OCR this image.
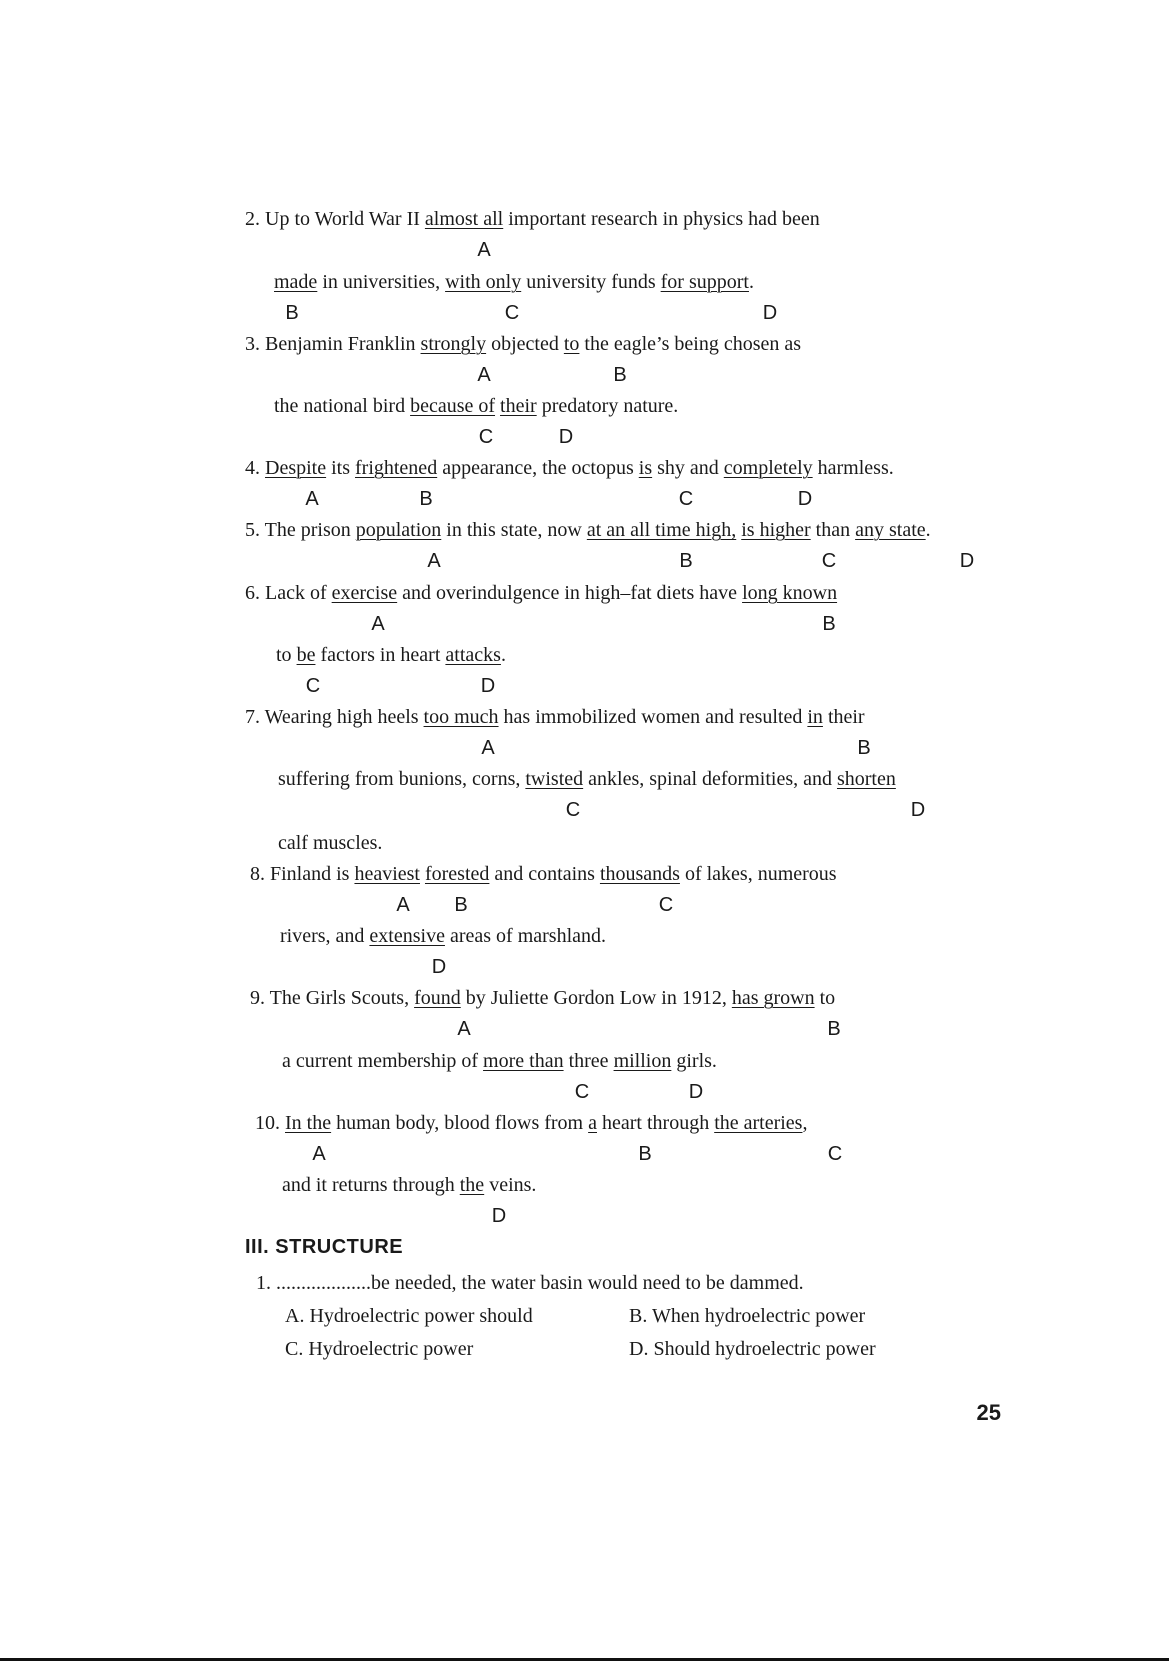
2. Up to World War II almost all important research in physics had been
A
made in universities, with only university funds for support.
B	C	D
3. Benjamin Franklin strongly objected to the eagle’s being chosen as
A	B
the national bird because of their predatory nature.
C	D
4. Despite its frightened appearance, the octopus is shy and completely harmless.
A	B	C	D
5. The prison population in this state, now at an all time high, is higher than any state.
A	B	C	D
6. Lack of exercise and overindulgence in high–fat diets have long known
A	B
to be factors in heart attacks.
C	D
7. Wearing high heels too much has immobilized women and resulted in their
A	B
suffering from bunions, corns, twisted ankles, spinal deformities, and shorten
C	D
calf muscles.
8. Finland is heaviest forested and contains thousands of lakes, numerous
A B	C
rivers, and extensive areas of marshland.
D
9. The Girls Scouts, found by Juliette Gordon Low in 1912, has grown to
A	B
a current membership of more than three million girls.
C	D
10. In the human body, blood flows from a heart through the arteries,
A	B	C
and it returns through the veins.
D
III. STRUCTURE
1. ...................be needed, the water basin would need to be dammed.
A. Hydroelectric power should	B. When hydroelectric power
C. Hydroelectric power	D. Should hydroelectric power
25
